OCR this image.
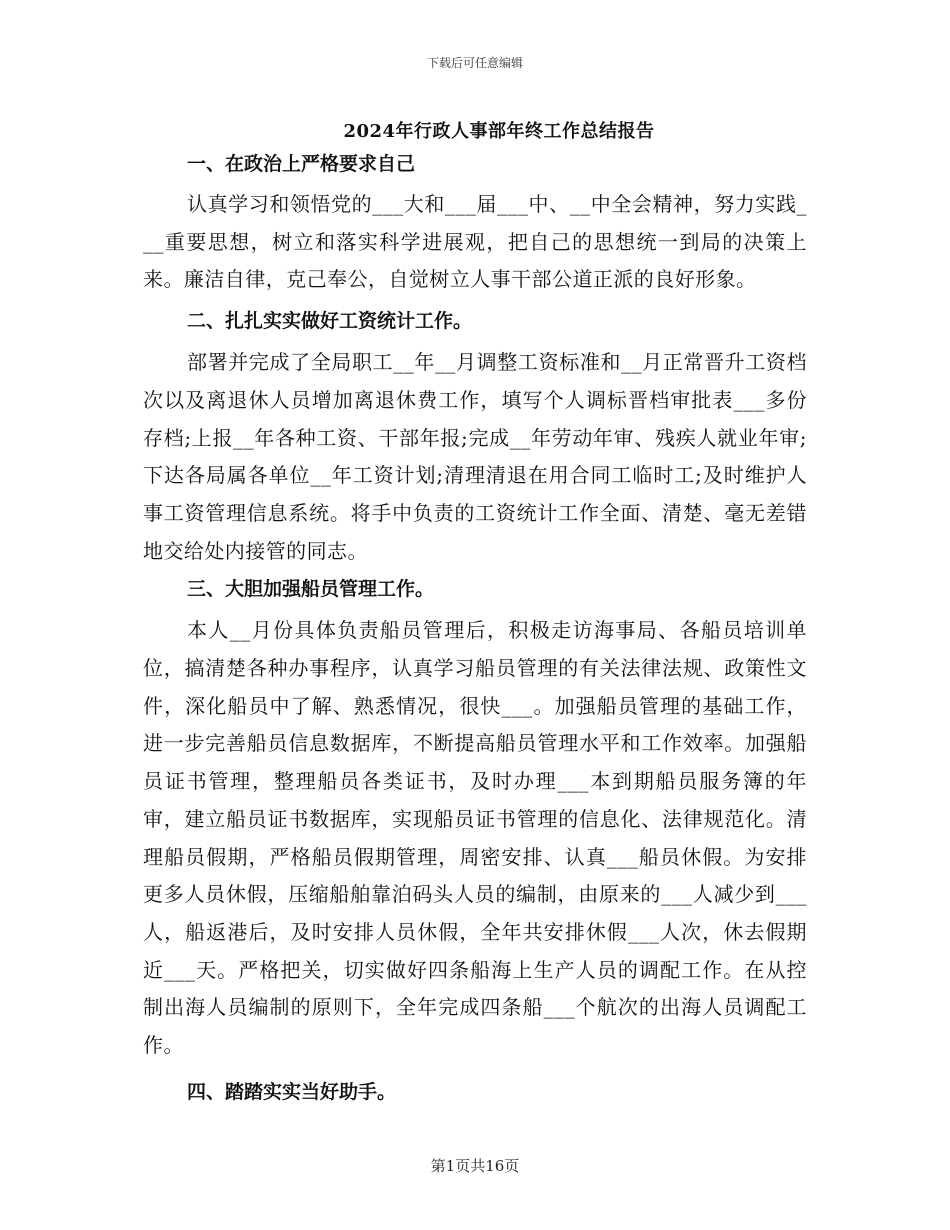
下载后可任意编辑
2024年行政人事部年终工作总结报告

一、在政治上严格要求自己

认真学习和领悟党的___大和___届___中、__中全会精神，努力实践___重要思想，树立和落实科学进展观，把自己的思想统一到局的决策上来。廉洁自律，克己奉公，自觉树立人事干部公道正派的良好形象。

二、扎扎实实做好工资统计工作。

部署并完成了全局职工__年__月调整工资标准和__月正常晋升工资档次以及离退休人员增加离退休费工作，填写个人调标晋档审批表___多份存档;上报__年各种工资、干部年报;完成__年劳动年审、残疾人就业年审;下达各局属各单位__年工资计划;清理清退在用合同工临时工;及时维护人事工资管理信息系统。将手中负责的工资统计工作全面、清楚、毫无差错地交给处内接管的同志。

三、大胆加强船员管理工作。

本人__月份具体负责船员管理后，积极走访海事局、各船员培训单位，搞清楚各种办事程序，认真学习船员管理的有关法律法规、政策性文件，深化船员中了解、熟悉情况，很快___。加强船员管理的基础工作，进一步完善船员信息数据库，不断提高船员管理水平和工作效率。加强船员证书管理，整理船员各类证书，及时办理___本到期船员服务簿的年审，建立船员证书数据库，实现船员证书管理的信息化、法律规范化。清理船员假期，严格船员假期管理，周密安排、认真___船员休假。为安排更多人员休假，压缩船舶靠泊码头人员的编制，由原来的___人减少到___人，船返港后，及时安排人员休假，全年共安排休假___人次，休去假期近___天。严格把关，切实做好四条船海上生产人员的调配工作。在从控制出海人员编制的原则下，全年完成四条船___个航次的出海人员调配工作。

四、踏踏实实当好助手。

第1页共16页
